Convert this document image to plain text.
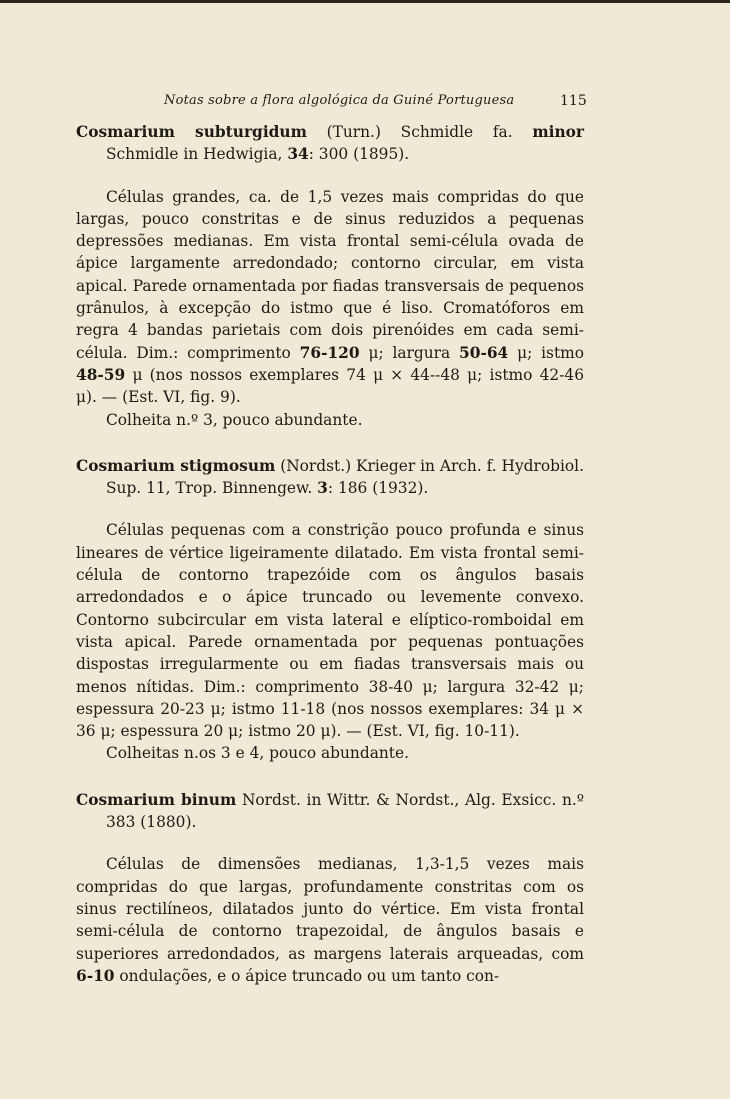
Notas sobre a flora algológica da Guiné Portuguesa	115

Cosmarium subturgidum (Turn.) Schmidle fa. minor Schmidle in Hedwigia, 34: 300 (1895).

Células grandes, ca. de 1,5 vezes mais compridas do que largas, pouco constritas e de sinus reduzidos a pequenas depressões medianas. Em vista frontal semi-célula ovada de ápice largamente arredondado; contorno circular, em vista apical. Parede ornamentada por fiadas transversais de pequenos grânulos, à excepção do istmo que é liso. Cromatóforos em regra 4 bandas parietais com dois pirenóides em cada semi-célula. Dim.: comprimento 76-120 μ; largura 50-64 μ; istmo 48-59 μ (nos nossos exemplares 74 μ × 44--48 μ; istmo 42-46 μ). — (Est. VI, fig. 9).

Colheita n.º 3, pouco abundante.

Cosmarium stigmosum (Nordst.) Krieger in Arch. f. Hydrobiol. Sup. 11, Trop. Binnengew. 3: 186 (1932).

Células pequenas com a constrição pouco profunda e sinus lineares de vértice ligeiramente dilatado. Em vista frontal semi-célula de contorno trapezóide com os ângulos basais arredondados e o ápice truncado ou levemente convexo. Contorno subcircular em vista lateral e elíptico-romboidal em vista apical. Parede ornamentada por pequenas pontuações dispostas irregularmente ou em fiadas transversais mais ou menos nítidas. Dim.: comprimento 38-40 μ; largura 32-42 μ; espessura 20-23 μ; istmo 11-18 (nos nossos exemplares: 34 μ × 36 μ; espessura 20 μ; istmo 20 μ). — (Est. VI, fig. 10-11).

Colheitas n.os 3 e 4, pouco abundante.

Cosmarium binum Nordst. in Wittr. & Nordst., Alg. Exsicc. n.º 383 (1880).

Células de dimensões medianas, 1,3-1,5 vezes mais compridas do que largas, profundamente constritas com os sinus rectilíneos, dilatados junto do vértice. Em vista frontal semi-célula de contorno trapezoidal, de ângulos basais e superiores arredondados, as margens laterais arqueadas, com 6-10 ondulações, e o ápice truncado ou um tanto con-
